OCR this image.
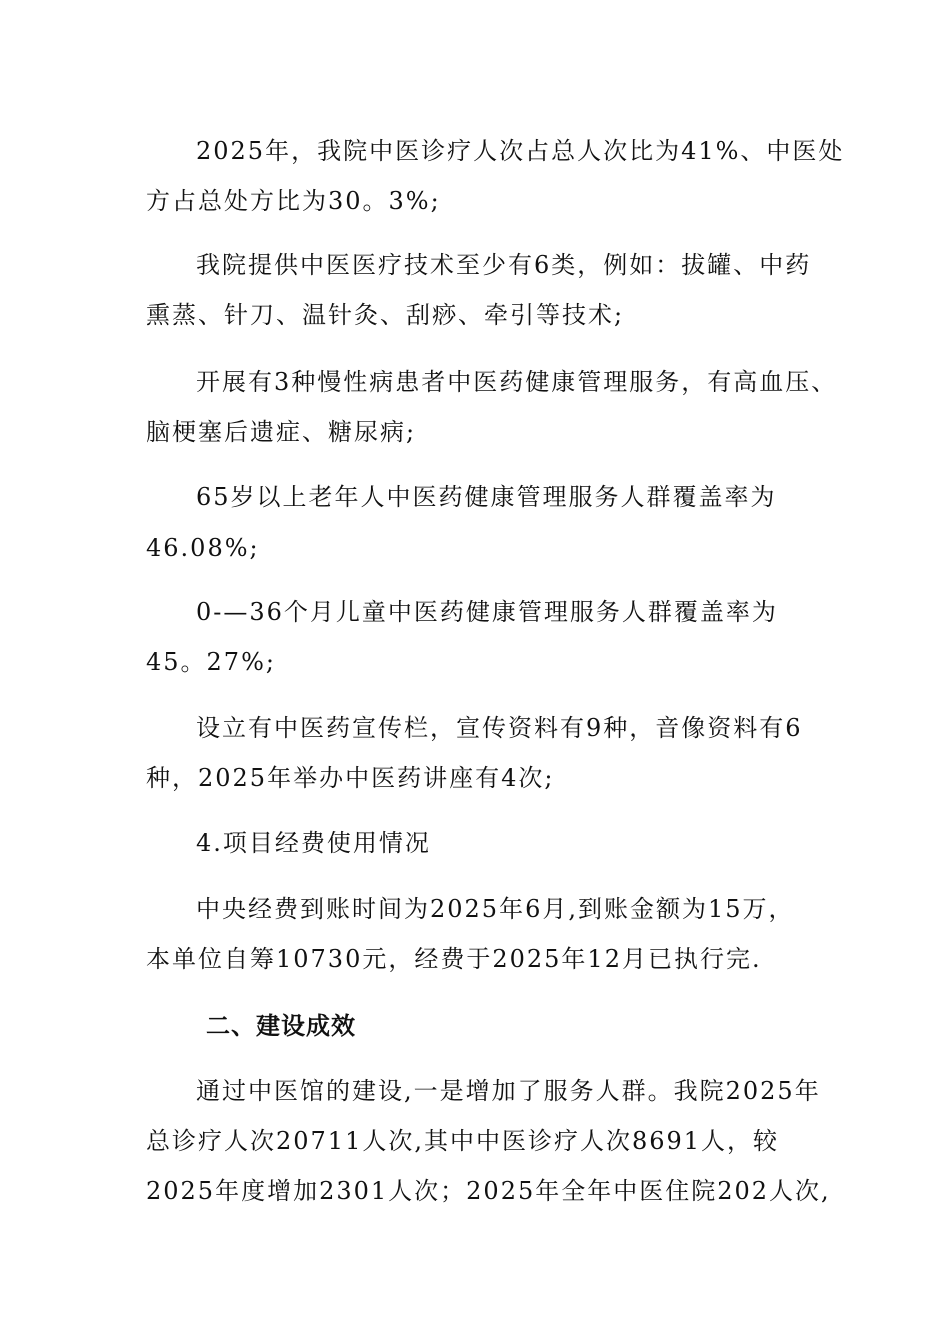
2025年，我院中医诊疗人次占总人次比为41%、中医处
方占总处方比为30。3%;
我院提供中医医疗技术至少有6类，例如：拔罐、中药
熏蒸、针刀、温针灸、刮痧、牵引等技术;
开展有3种慢性病患者中医药健康管理服务，有高血压、
脑梗塞后遗症、糖尿病;
65岁以上老年人中医药健康管理服务人群覆盖率为
46.08%;
0-—36个月儿童中医药健康管理服务人群覆盖率为
45。27%;
设立有中医药宣传栏，宣传资料有9种，音像资料有6
种，2025年举办中医药讲座有4次;
4.项目经费使用情况
中央经费到账时间为2025年6月,到账金额为15万，
本单位自筹10730元，经费于2025年12月已执行完.
二、建设成效
通过中医馆的建设,一是增加了服务人群。我院2025年
总诊疗人次20711人次,其中中医诊疗人次8691人，较
2025年度增加2301人次；2025年全年中医住院202人次,
